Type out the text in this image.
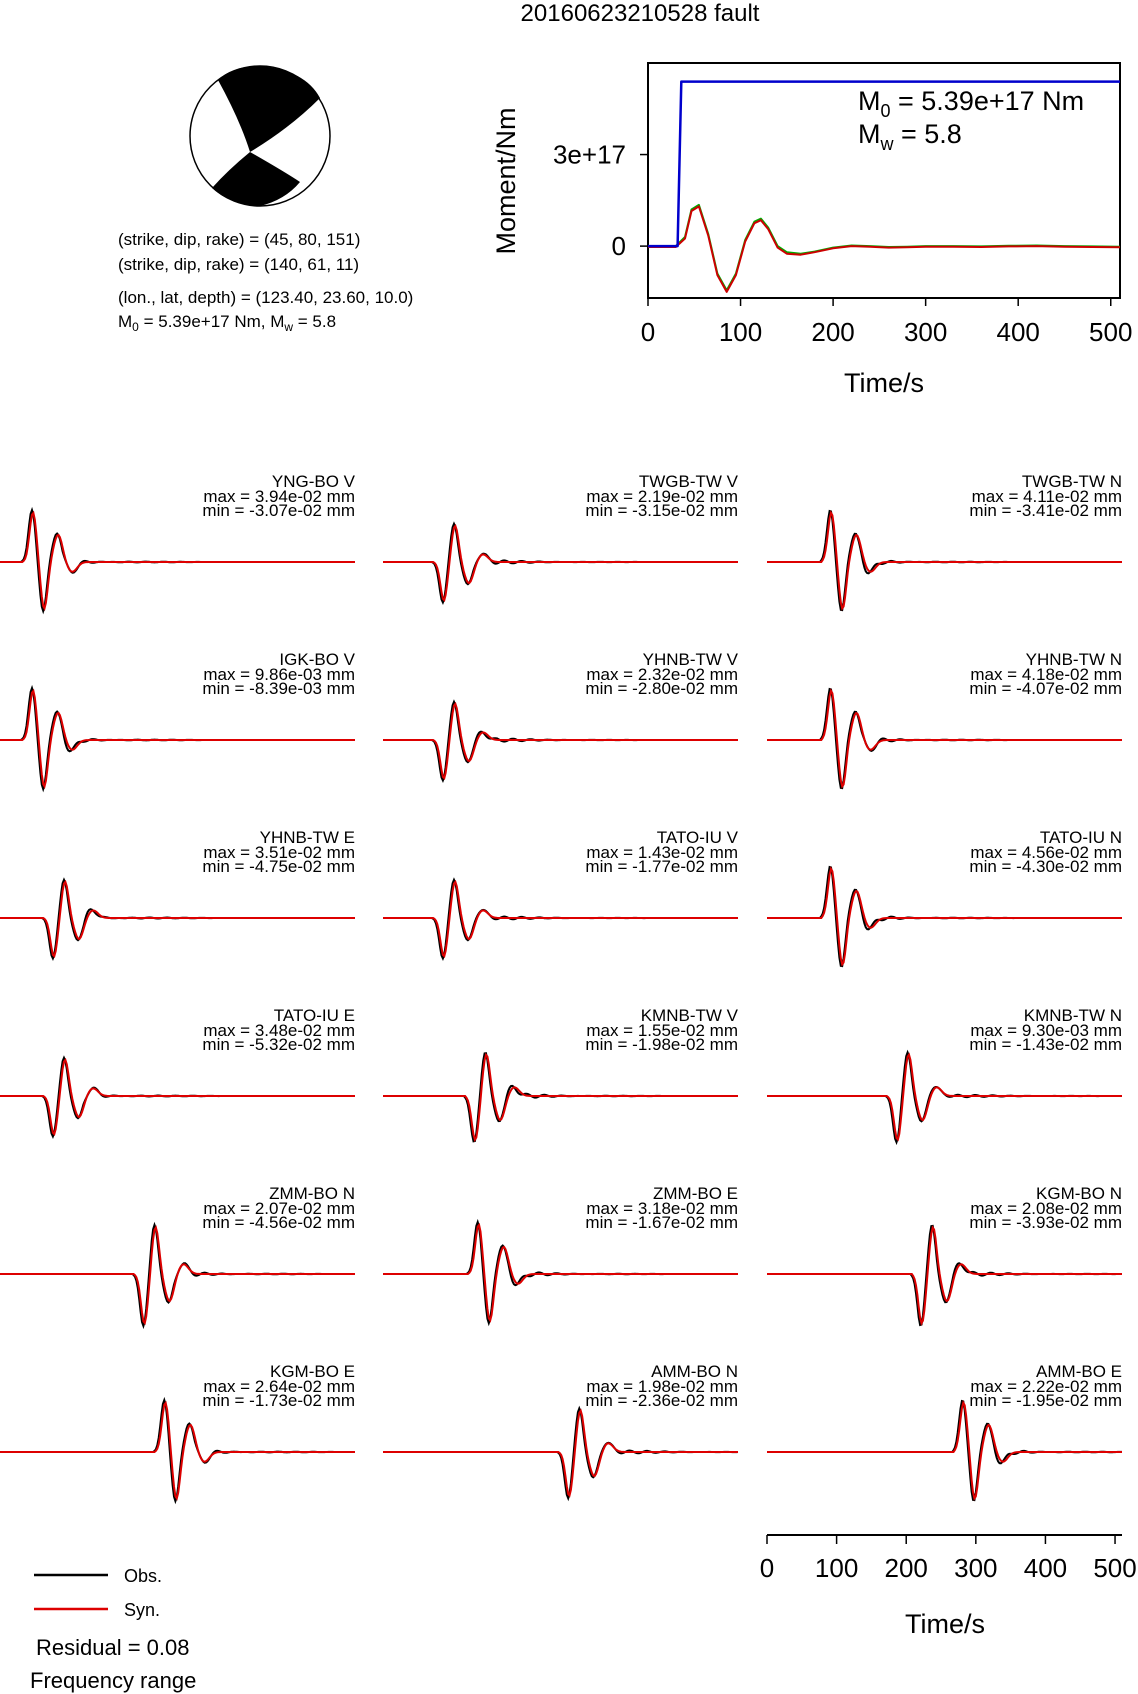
20160623210528 fault
(strike, dip, rake) = (45, 80, 151)
(strike, dip, rake) = (140, 61, 11)
(lon., lat, depth) = (123.40, 23.60, 10.0)
$M_0 = 5.39e+17$ Nm, $M_w = 5.8$	0 100 200 300 400 500
0
3e+17
Moment/Nm
Time/s
$M_0 = 5.39e+17$ Nm
$M_w = 5.8$
YNG-BO V
max = 3.94e-02 mm
min = -3.07e-02 mm
TWGB-TW V
max = 2.19e-02 mm
min = -3.15e-02 mm
TWGB-TW N
max = 4.11e-02 mm
min = -3.41e-02 mm
IGK-BO V
max = 9.86e-03 mm
min = -8.39e-03 mm
YHNB-TW V
max = 2.32e-02 mm
min = -2.80e-02 mm
YHNB-TW N
max = 4.18e-02 mm
min = -4.07e-02 mm
YHNB-TW E
max = 3.51e-02 mm
min = -4.75e-02 mm
TATO-IU V
max = 1.43e-02 mm
min = -1.77e-02 mm
TATO-IU N
max = 4.56e-02 mm
min = -4.30e-02 mm
TATO-IU E
max = 3.48e-02 mm
min = -5.32e-02 mm
KMNB-TW V
max = 1.55e-02 mm
min = -1.98e-02 mm
KMNB-TW N
max = 9.30e-03 mm
min = -1.43e-02 mm
ZMM-BO N
max = 2.07e-02 mm
min = -4.56e-02 mm
ZMM-BO E
max = 3.18e-02 mm
min = -1.67e-02 mm
KGM-BO N
max = 2.08e-02 mm
min = -3.93e-02 mm
KGM-BO E
max = 2.64e-02 mm
min = -1.73e-02 mm
AMM-BO N
max = 1.98e-02 mm
min = -2.36e-02 mm
AMM-BO E
max = 2.22e-02 mm
min = -1.95e-02 mm
0 100 200 300 400 500
Time/s
Obs.
Syn.
Residual = 0.08
Frequency range
